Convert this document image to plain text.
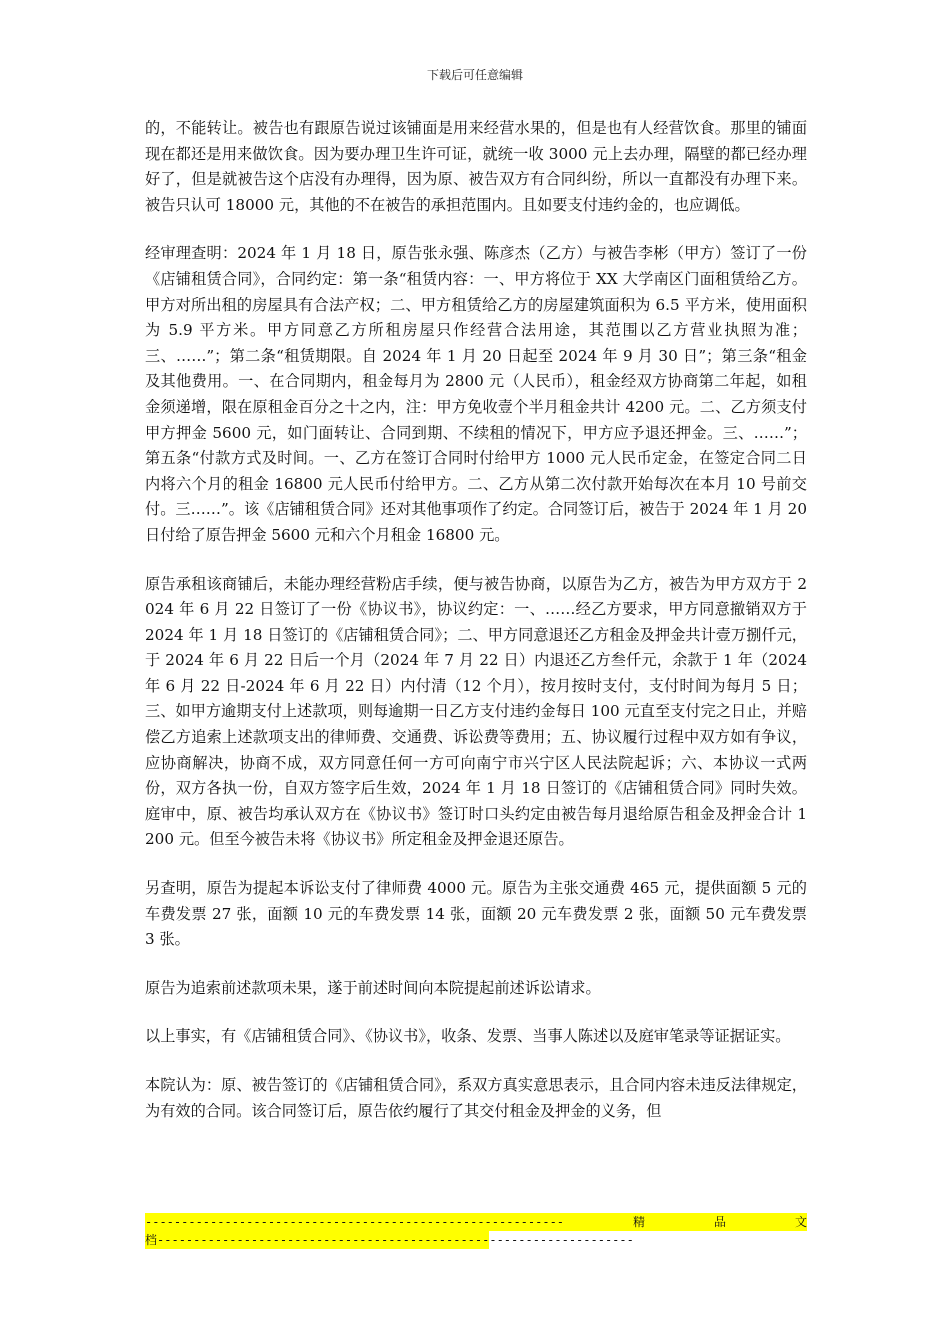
下载后可任意编辑

的，不能转让。被告也有跟原告说过该铺面是用来经营水果的，但是也有人经营饮食。那里的铺面现在都还是用来做饮食。因为要办理卫生许可证，就统一收 3000 元上去办理，隔壁的都已经办理好了，但是就被告这个店没有办理得，因为原、被告双方有合同纠纷，所以一直都没有办理下来。被告只认可 18000 元，其他的不在被告的承担范围内。且如要支付违约金的，也应调低。

经审理查明：2024 年 1 月 18 日，原告张永强、陈彦杰（乙方）与被告李彬（甲方）签订了一份《店铺租赁合同》，合同约定：第一条“租赁内容：一、甲方将位于 XX 大学南区门面租赁给乙方。甲方对所出租的房屋具有合法产权；二、甲方租赁给乙方的房屋建筑面积为 6.5 平方米，使用面积为 5.9 平方米。甲方同意乙方所租房屋只作经营合法用途，其范围以乙方营业执照为准；三、……”；第二条“租赁期限。自 2024 年 1 月 20 日起至 2024 年 9 月 30 日”；第三条“租金及其他费用。一、在合同期内，租金每月为 2800 元（人民币），租金经双方协商第二年起，如租金须递增，限在原租金百分之十之内，注：甲方免收壹个半月租金共计 4200 元。二、乙方须支付甲方押金 5600 元，如门面转让、合同到期、不续租的情况下，甲方应予退还押金。三、……”；第五条“付款方式及时间。一、乙方在签订合同时付给甲方 1000 元人民币定金，在签定合同二日内将六个月的租金 16800 元人民币付给甲方。二、乙方从第二次付款开始每次在本月 10 号前交付。三……”。该《店铺租赁合同》还对其他事项作了约定。合同签订后，被告于 2024 年 1 月 20 日付给了原告押金 5600 元和六个月租金 16800 元。

原告承租该商铺后，未能办理经营粉店手续，便与被告协商，以原告为乙方，被告为甲方双方于 2024 年 6 月 22 日签订了一份《协议书》，协议约定：一、……经乙方要求，甲方同意撤销双方于 2024 年 1 月 18 日签订的《店铺租赁合同》；二、甲方同意退还乙方租金及押金共计壹万捌仟元，于 2024 年 6 月 22 日后一个月（2024 年 7 月 22 日）内退还乙方叁仟元，余款于 1 年（2024 年 6 月 22 日-2024 年 6 月 22 日）内付清（12 个月），按月按时支付，支付时间为每月 5 日；三、如甲方逾期支付上述款项，则每逾期一日乙方支付违约金每日 100 元直至支付完之日止，并赔偿乙方追索上述款项支出的律师费、交通费、诉讼费等费用；五、协议履行过程中双方如有争议，应协商解决，协商不成，双方同意任何一方可向南宁市兴宁区人民法院起诉；六、本协议一式两份，双方各执一份，自双方签字后生效，2024 年 1 月 18 日签订的《店铺租赁合同》同时失效。庭审中，原、被告均承认双方在《协议书》签订时口头约定由被告每月退给原告租金及押金合计 1200 元。但至今被告未将《协议书》所定租金及押金退还原告。

另查明，原告为提起本诉讼支付了律师费 4000 元。原告为主张交通费 465 元，提供面额 5 元的车费发票 27 张，面额 10 元的车费发票 14 张，面额 20 元车费发票 2 张，面额 50 元车费发票 3 张。

原告为追索前述款项未果，遂于前述时间向本院提起前述诉讼请求。

以上事实，有《店铺租赁合同》、《协议书》，收条、发票、当事人陈述以及庭审笔录等证据证实。

本院认为：原、被告签订的《店铺租赁合同》，系双方真实意思表示，且合同内容未违反法律规定，为有效的合同。该合同签订后，原告依约履行了其交付租金及押金的义务，但

----------------------------------------------------------	精	品	文
档------------------------------------------------------------------
